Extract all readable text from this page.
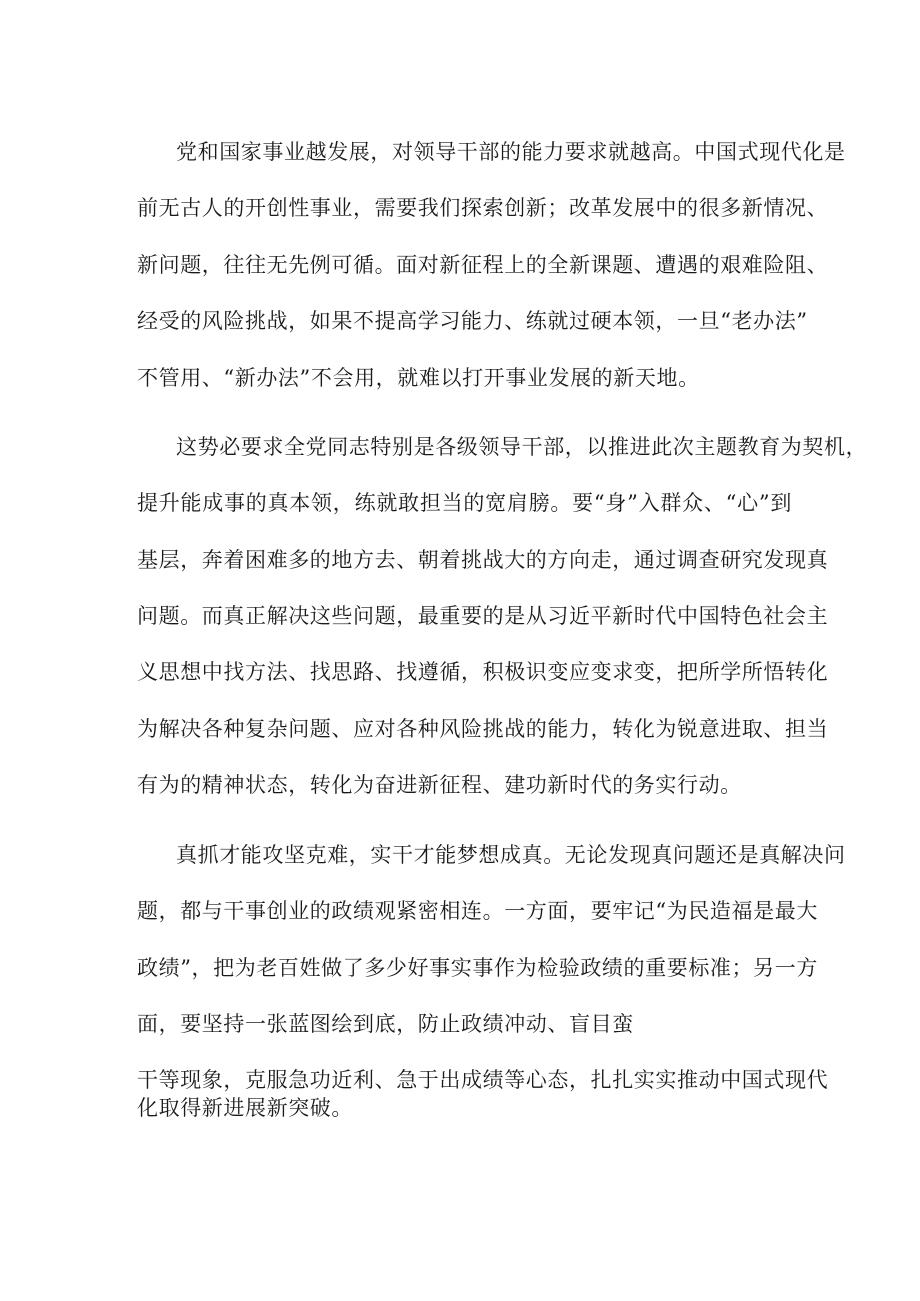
党和国家事业越发展，对领导干部的能力要求就越高。中国式现代化是
前无古人的开创性事业，需要我们探索创新；改革发展中的很多新情况、
新问题，往往无先例可循。面对新征程上的全新课题、遭遇的艰难险阻、
经受的风险挑战，如果不提高学习能力、练就过硬本领，一旦“老办法”
不管用、“新办法”不会用，就难以打开事业发展的新天地。
这势必要求全党同志特别是各级领导干部，以推进此次主题教育为契机，
提升能成事的真本领，练就敢担当的宽肩膀。要“身”入群众、“心”到
基层，奔着困难多的地方去、朝着挑战大的方向走，通过调查研究发现真
问题。而真正解决这些问题，最重要的是从习近平新时代中国特色社会主
义思想中找方法、找思路、找遵循，积极识变应变求变，把所学所悟转化
为解决各种复杂问题、应对各种风险挑战的能力，转化为锐意进取、担当
有为的精神状态，转化为奋进新征程、建功新时代的务实行动。
真抓才能攻坚克难，实干才能梦想成真。无论发现真问题还是真解决问
题，都与干事创业的政绩观紧密相连。一方面，要牢记“为民造福是最大
政绩”，把为老百姓做了多少好事实事作为检验政绩的重要标准；另一方
面，要坚持一张蓝图绘到底，防止政绩冲动、盲目蛮
干等现象，克服急功近利、急于出成绩等心态，扎扎实实推动中国式现代
化取得新进展新突破。
